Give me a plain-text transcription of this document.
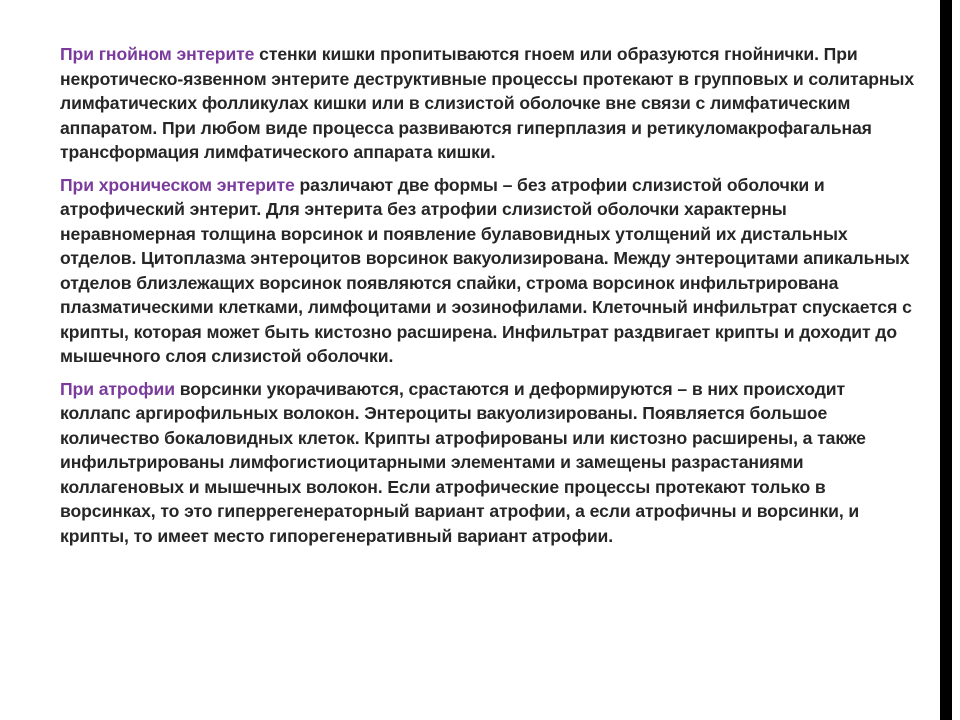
При гнойном энтерите стенки кишки пропитываются гноем или образуются гнойнички. При некротическо-язвенном энтерите деструктивные процессы протекают в групповых и солитарных лимфатических фолликулах кишки или в слизистой оболочке вне связи с лимфатическим аппаратом. При любом виде процесса развиваются гиперплазия и ретикуломакрофагальная трансформация лимфатического аппарата кишки.

При хроническом энтерите различают две формы – без атрофии слизистой оболочки и атрофический энтерит. Для энтерита без атрофии слизистой оболочки характерны неравномерная толщина ворсинок и появление булавовидных утолщений их дистальных отделов. Цитоплазма энтероцитов ворсинок вакуолизирована. Между энтероцитами апикальных отделов близлежащих ворсинок появляются спайки, строма ворсинок инфильтрирована плазматическими клетками, лимфоцитами и эозинофилами. Клеточный инфильтрат спускается с крипты, которая может быть кистозно расширена. Инфильтрат раздвигает крипты и доходит до мышечного слоя слизистой оболочки.

При атрофии ворсинки укорачиваются, срастаются и деформируются – в них происходит коллапс аргирофильных волокон. Энтероциты вакуолизированы. Появляется большое количество бокаловидных клеток. Крипты атрофированы или кистозно расширены, а также инфильтрированы лимфогистиоцитарными элементами и замещены разрастаниями коллагеновых и мышечных волокон. Если атрофические процессы протекают только в ворсинках, то это гиперрегенераторный вариант атрофии, а если атрофичны и ворсинки, и крипты, то имеет место гипорегенеративный вариант атрофии.
